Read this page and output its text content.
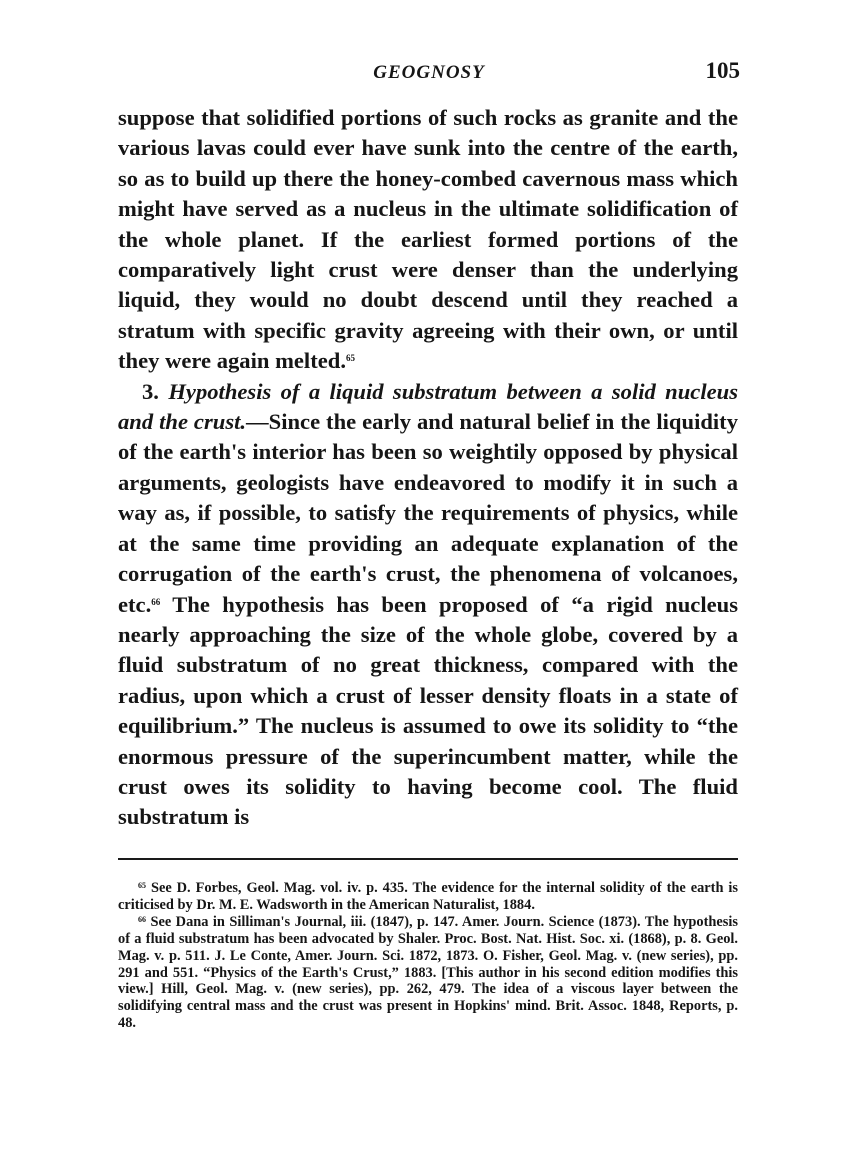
GEOGNOSY	105

suppose that solidified portions of such rocks as granite and the various lavas could ever have sunk into the centre of the earth, so as to build up there the honey-combed cavernous mass which might have served as a nucleus in the ultimate solidification of the whole planet. If the earliest formed portions of the comparatively light crust were denser than the underlying liquid, they would no doubt descend until they reached a stratum with specific gravity agreeing with their own, or until they were again melted.$^{65}$

3. Hypothesis of a liquid substratum between a solid nucleus and the crust.—Since the early and natural belief in the liquidity of the earth's interior has been so weightily opposed by physical arguments, geologists have endeavored to modify it in such a way as, if possible, to satisfy the requirements of physics, while at the same time providing an adequate explanation of the corrugation of the earth's crust, the phenomena of volcanoes, etc.$^{66}$ The hypothesis has been proposed of “a rigid nucleus nearly approaching the size of the whole globe, covered by a fluid substratum of no great thickness, compared with the radius, upon which a crust of lesser density floats in a state of equilibrium.” The nucleus is assumed to owe its solidity to “the enormous pressure of the superincumbent matter, while the crust owes its solidity to having become cool. The fluid substratum is

$^{65}$ See D. Forbes, Geol. Mag. vol. iv. p. 435. The evidence for the internal solidity of the earth is criticised by Dr. M. E. Wadsworth in the American Naturalist, 1884.

$^{66}$ See Dana in Silliman's Journal, iii. (1847), p. 147. Amer. Journ. Science (1873). The hypothesis of a fluid substratum has been advocated by Shaler. Proc. Bost. Nat. Hist. Soc. xi. (1868), p. 8. Geol. Mag. v. p. 511. J. Le Conte, Amer. Journ. Sci. 1872, 1873. O. Fisher, Geol. Mag. v. (new series), pp. 291 and 551. “Physics of the Earth's Crust,” 1883. [This author in his second edition modifies this view.] Hill, Geol. Mag. v. (new series), pp. 262, 479. The idea of a viscous layer between the solidifying central mass and the crust was present in Hopkins' mind. Brit. Assoc. 1848, Reports, p. 48.
